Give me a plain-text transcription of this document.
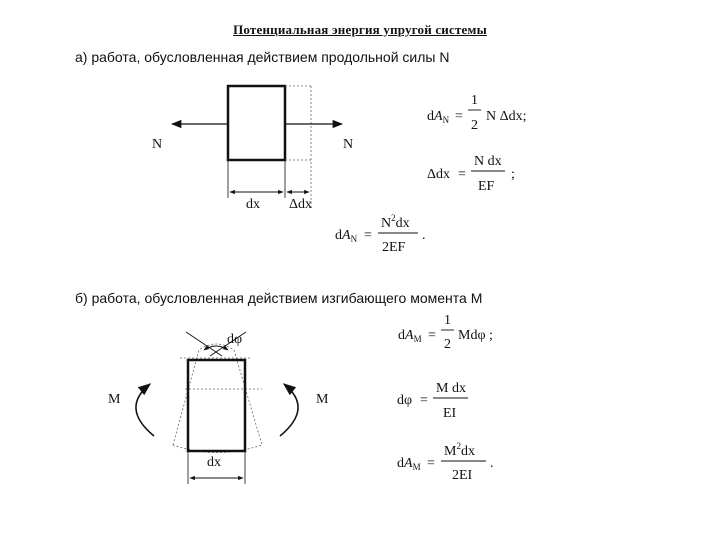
Потенциальная энергия упругой системы
а) работа, обусловленная действием продольной силы N
б) работа, обусловленная действием изгибающего момента М
N	N
dx Δdx
$dA_N$ =
1
2
N Δdx;
Δdx =
N dx
EF
;
$dA_N$ =
$N^2dx$
2EF
.
dφ
M	M
dx
$dA_M$ =
1
2
Mdφ ;
dφ =
M dx
EI
$dA_M$ =
$M^2dx$
2EI
.
